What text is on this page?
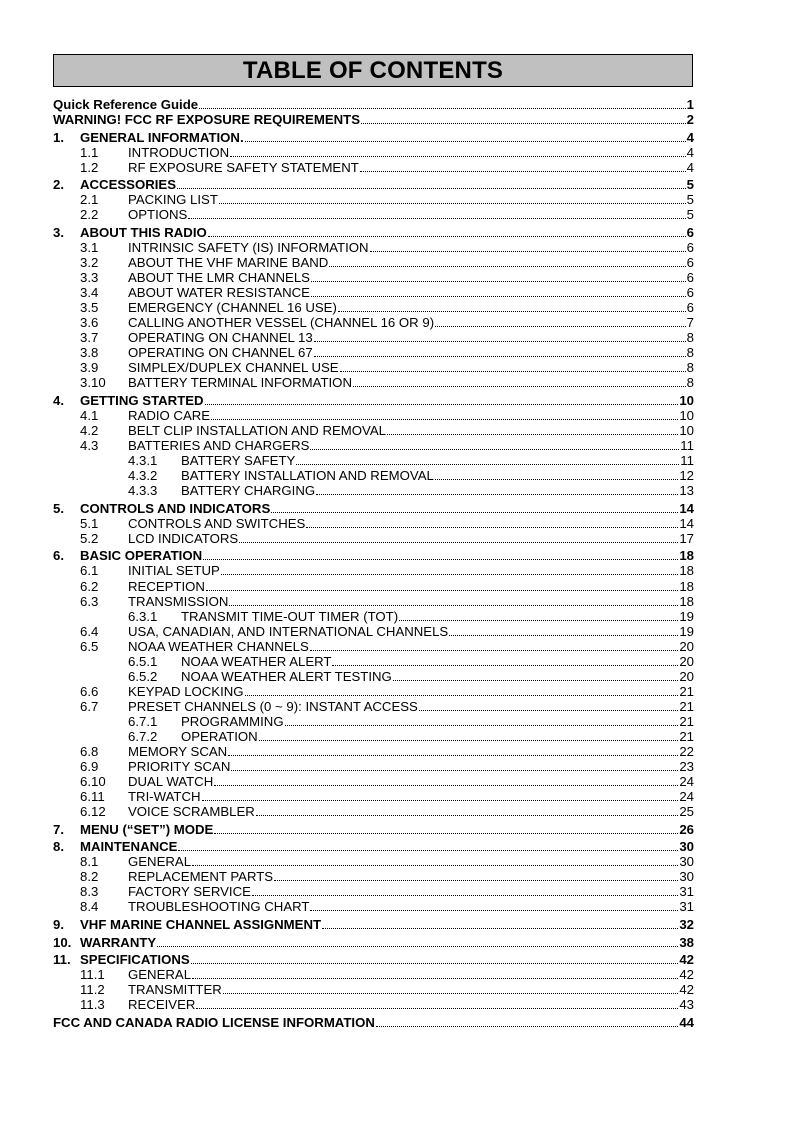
TABLE OF CONTENTS
Quick Reference Guide	1
WARNING! FCC RF EXPOSURE REQUIREMENTS	2
1.	GENERAL INFORMATION.	4
1.1	INTRODUCTION	4
1.2	RF EXPOSURE SAFETY STATEMENT	4
2.	ACCESSORIES	5
2.1	PACKING LIST	5
2.2	OPTIONS	5
3.	ABOUT THIS RADIO	6
3.1	INTRINSIC SAFETY (IS) INFORMATION	6
3.2	ABOUT THE VHF MARINE BAND	6
3.3	ABOUT THE LMR CHANNELS	6
3.4	ABOUT WATER RESISTANCE	6
3.5	EMERGENCY (CHANNEL 16 USE)	6
3.6	CALLING ANOTHER VESSEL (CHANNEL 16 OR 9)	7
3.7	OPERATING ON CHANNEL 13	8
3.8	OPERATING ON CHANNEL 67	8
3.9	SIMPLEX/DUPLEX CHANNEL USE	8
3.10	BATTERY TERMINAL INFORMATION	8
4.	GETTING STARTED	10
4.1	RADIO CARE	10
4.2	BELT CLIP INSTALLATION AND REMOVAL	10
4.3	BATTERIES AND CHARGERS	11
4.3.1	BATTERY SAFETY	11
4.3.2	BATTERY INSTALLATION AND REMOVAL	12
4.3.3	BATTERY CHARGING	13
5.	CONTROLS AND INDICATORS	14
5.1	CONTROLS AND SWITCHES	14
5.2	LCD INDICATORS	17
6.	BASIC OPERATION	18
6.1	INITIAL SETUP	18
6.2	RECEPTION	18
6.3	TRANSMISSION	18
6.3.1	TRANSMIT TIME-OUT TIMER (TOT)	19
6.4	USA, CANADIAN, AND INTERNATIONAL CHANNELS	19
6.5	NOAA WEATHER CHANNELS	20
6.5.1	NOAA WEATHER ALERT	20
6.5.2	NOAA WEATHER ALERT TESTING	20
6.6	KEYPAD LOCKING	21
6.7	PRESET CHANNELS (0 ~ 9): INSTANT ACCESS	21
6.7.1	PROGRAMMING	21
6.7.2	OPERATION	21
6.8	MEMORY SCAN	22
6.9	PRIORITY SCAN	23
6.10	DUAL WATCH	24
6.11	TRI-WATCH	24
6.12	VOICE SCRAMBLER	25
7.	MENU (“SET”) MODE	26
8.	MAINTENANCE	30
8.1	GENERAL	30
8.2	REPLACEMENT PARTS	30
8.3	FACTORY SERVICE	31
8.4	TROUBLESHOOTING CHART	31
9.	VHF MARINE CHANNEL ASSIGNMENT	32
10. WARRANTY	38
11. SPECIFICATIONS	42
11.1	GENERAL	42
11.2	TRANSMITTER	42
11.3	RECEIVER	43
FCC AND CANADA RADIO LICENSE INFORMATION	44
